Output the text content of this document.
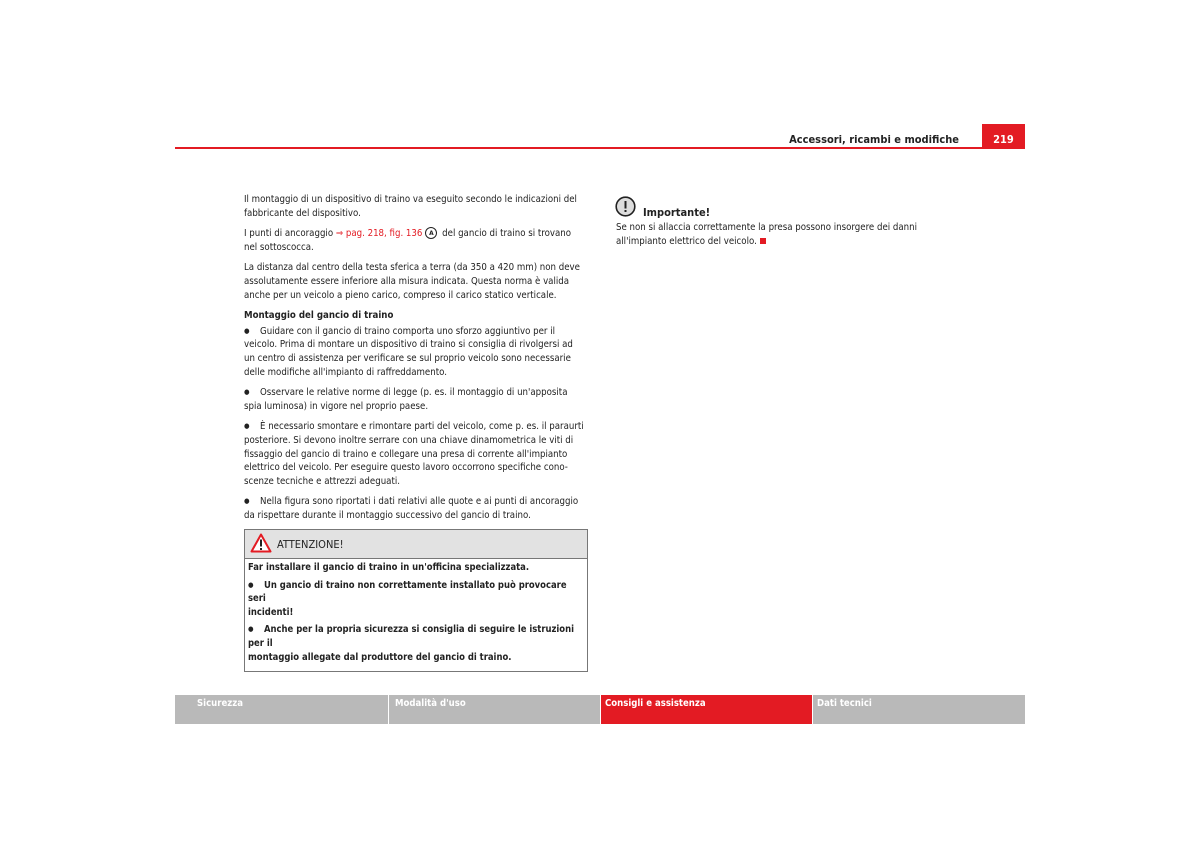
Accessori, ricambi e modifiche	219
Il montaggio di un dispositivo di traino va eseguito secondo le indicazioni del
fabbricante del dispositivo.
I punti di ancoraggio ⇒ pag. 218, fig. 136 A del gancio di traino si trovano
nel sottoscocca.
La distanza dal centro della testa sferica a terra (da 350 a 420 mm) non deve
assolutamente essere inferiore alla misura indicata. Questa norma è valida
anche per un veicolo a pieno carico, compreso il carico statico verticale.
Montaggio del gancio di traino
● Guidare con il gancio di traino comporta uno sforzo aggiuntivo per il
veicolo. Prima di montare un dispositivo di traino si consiglia di rivolgersi ad
un centro di assistenza per verificare se sul proprio veicolo sono necessarie
delle modifiche all'impianto di raffreddamento.
● Osservare le relative norme di legge (p. es. il montaggio di un'apposita
spia luminosa) in vigore nel proprio paese.
● È necessario smontare e rimontare parti del veicolo, come p. es. il paraurti
posteriore. Si devono inoltre serrare con una chiave dinamometrica le viti di
fissaggio del gancio di traino e collegare una presa di corrente all'impianto
elettrico del veicolo. Per eseguire questo lavoro occorrono specifiche cono-
scenze tecniche e attrezzi adeguati.
● Nella figura sono riportati i dati relativi alle quote e ai punti di ancoraggio
da rispettare durante il montaggio successivo del gancio di traino.
ATTENZIONE!
Far installare il gancio di traino in un'officina specializzata.
● Un gancio di traino non correttamente installato può provocare seri
incidenti!
● Anche per la propria sicurezza si consiglia di seguire le istruzioni per il
montaggio allegate dal produttore del gancio di traino.
Importante!
Se non si allaccia correttamente la presa possono insorgere dei danni
all'impianto elettrico del veicolo.
Sicurezza	Modalità d'uso	Consigli e assistenza	Dati tecnici
